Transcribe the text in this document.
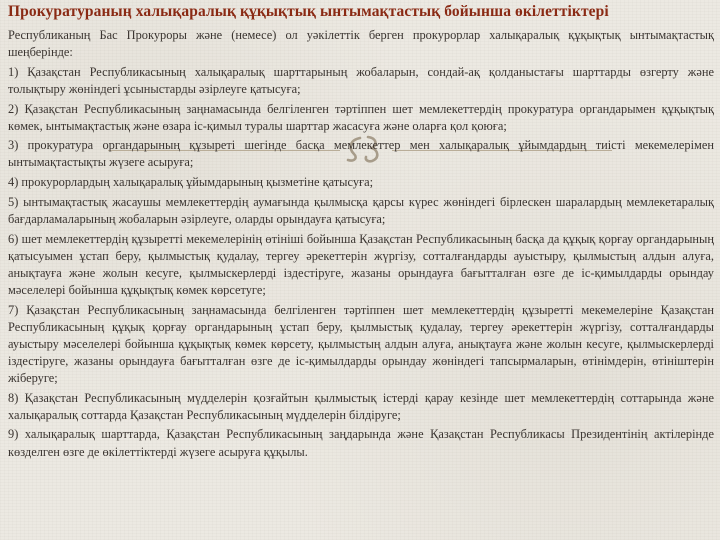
Прокуратураның халықаралық құқықтық ынтымақтастық бойынша өкілеттіктері

Республиканың Бас Прокуроры және (немесе) ол уәкілеттік берген прокурорлар халықаралық құқықтық ынтымақтастық шеңберінде:

1) Қазақстан Республикасының халықаралық шарттарының жобаларын, сондай-ақ қолданыстағы шарттарды өзгерту және толықтыру жөніндегі ұсыныстарды әзірлеуге қатысуға;

2) Қазақстан Республикасының заңнамасында белгіленген тәртіппен шет мемлекеттердің прокуратура органдарымен құқықтық көмек, ынтымақтастық және өзара іс-қимыл туралы шарттар жасасуға және оларға қол қоюға;

3) прокуратура органдарының құзыреті шегінде басқа мемлекеттер мен халықаралық ұйымдардың тиісті мекемелерімен ынтымақтастықты жүзеге асыруға;

4) прокурорлардың халықаралық ұйымдарының қызметіне қатысуға;

5) ынтымақтастық жасаушы мемлекеттердің аумағында қылмысқа қарсы күрес жөніндегі бірлескен шаралардың мемлекетаралық бағдарламаларының жобаларын әзірлеуге, оларды орындауға қатысуға;

6) шет мемлекеттердің құзыретті мекемелерінің өтініші бойынша Қазақстан Республикасының басқа да құқық қорғау органдарының қатысуымен ұстап беру, қылмыстық қудалау, тергеу әрекеттерін жүргізу, сотталғандарды ауыстыру, қылмыстың алдын алуға, анықтауға және жолын кесуге, қылмыскерлерді іздестіруге, жазаны орындауға бағытталған өзге де іс-қимылдарды орындау мәселелері бойынша құқықтық көмек көрсетуге;

7) Қазақстан Республикасының заңнамасында белгіленген тәртіппен шет мемлекеттердің құзыретті мекемелеріне Қазақстан Республикасының құқық қорғау органдарының ұстап беру, қылмыстық қудалау, тергеу әрекеттерін жүргізу, сотталғандарды ауыстыру мәселелері бойынша құқықтық көмек көрсету, қылмыстың алдын алуға, анықтауға және жолын кесуге, қылмыскерлерді іздестіруге, жазаны орындауға бағытталған өзге де іс-қимылдарды орындау жөніндегі тапсырмаларын, өтінімдерін, өтініштерін жіберуге;

8) Қазақстан Республикасының мүдделерін қозғайтын қылмыстық істерді қарау кезінде шет мемлекеттердің соттарында және халықаралық соттарда Қазақстан Республикасының мүдделерін білдіруге;

9) халықаралық шарттарда, Қазақстан Республикасының заңдарында және Қазақстан Республикасы Президентінің актілерінде көзделген өзге де өкілеттіктерді жүзеге асыруға құқылы.
